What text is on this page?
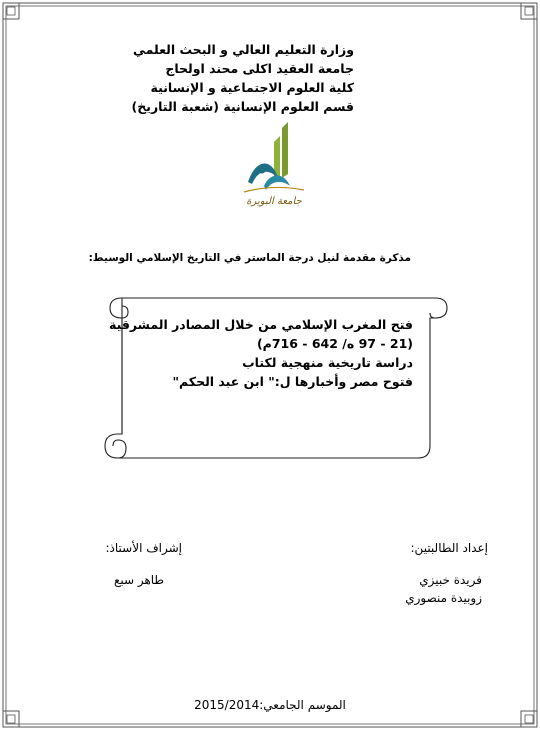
وزارة التعليم العالي و البحث العلمي
جامعة العقيد اكلى محند اولحاج
كلية العلوم الاجتماعية و الإنسانية
قسم العلوم الإنسانية (شعبة التاريخ)
جامعة البويرة
مذكرة مقدمة لنيل درجة الماستر في التاريخ الإسلامي الوسيط:
فتح المغرب الإسلامي من خلال المصادر المشرقية
(21 - 97 ه/ 642 - 716م)
دراسة تاريخية منهجية لكتاب
فتوح مصر وأخبارها ل:" ابن عبد الحكم"
إعداد الطالبتين:
إشراف الأستاذ:
فريدة خبيزي
زوبيدة منصوري
طاهر سبع
الموسم الجامعي:2015/2014
